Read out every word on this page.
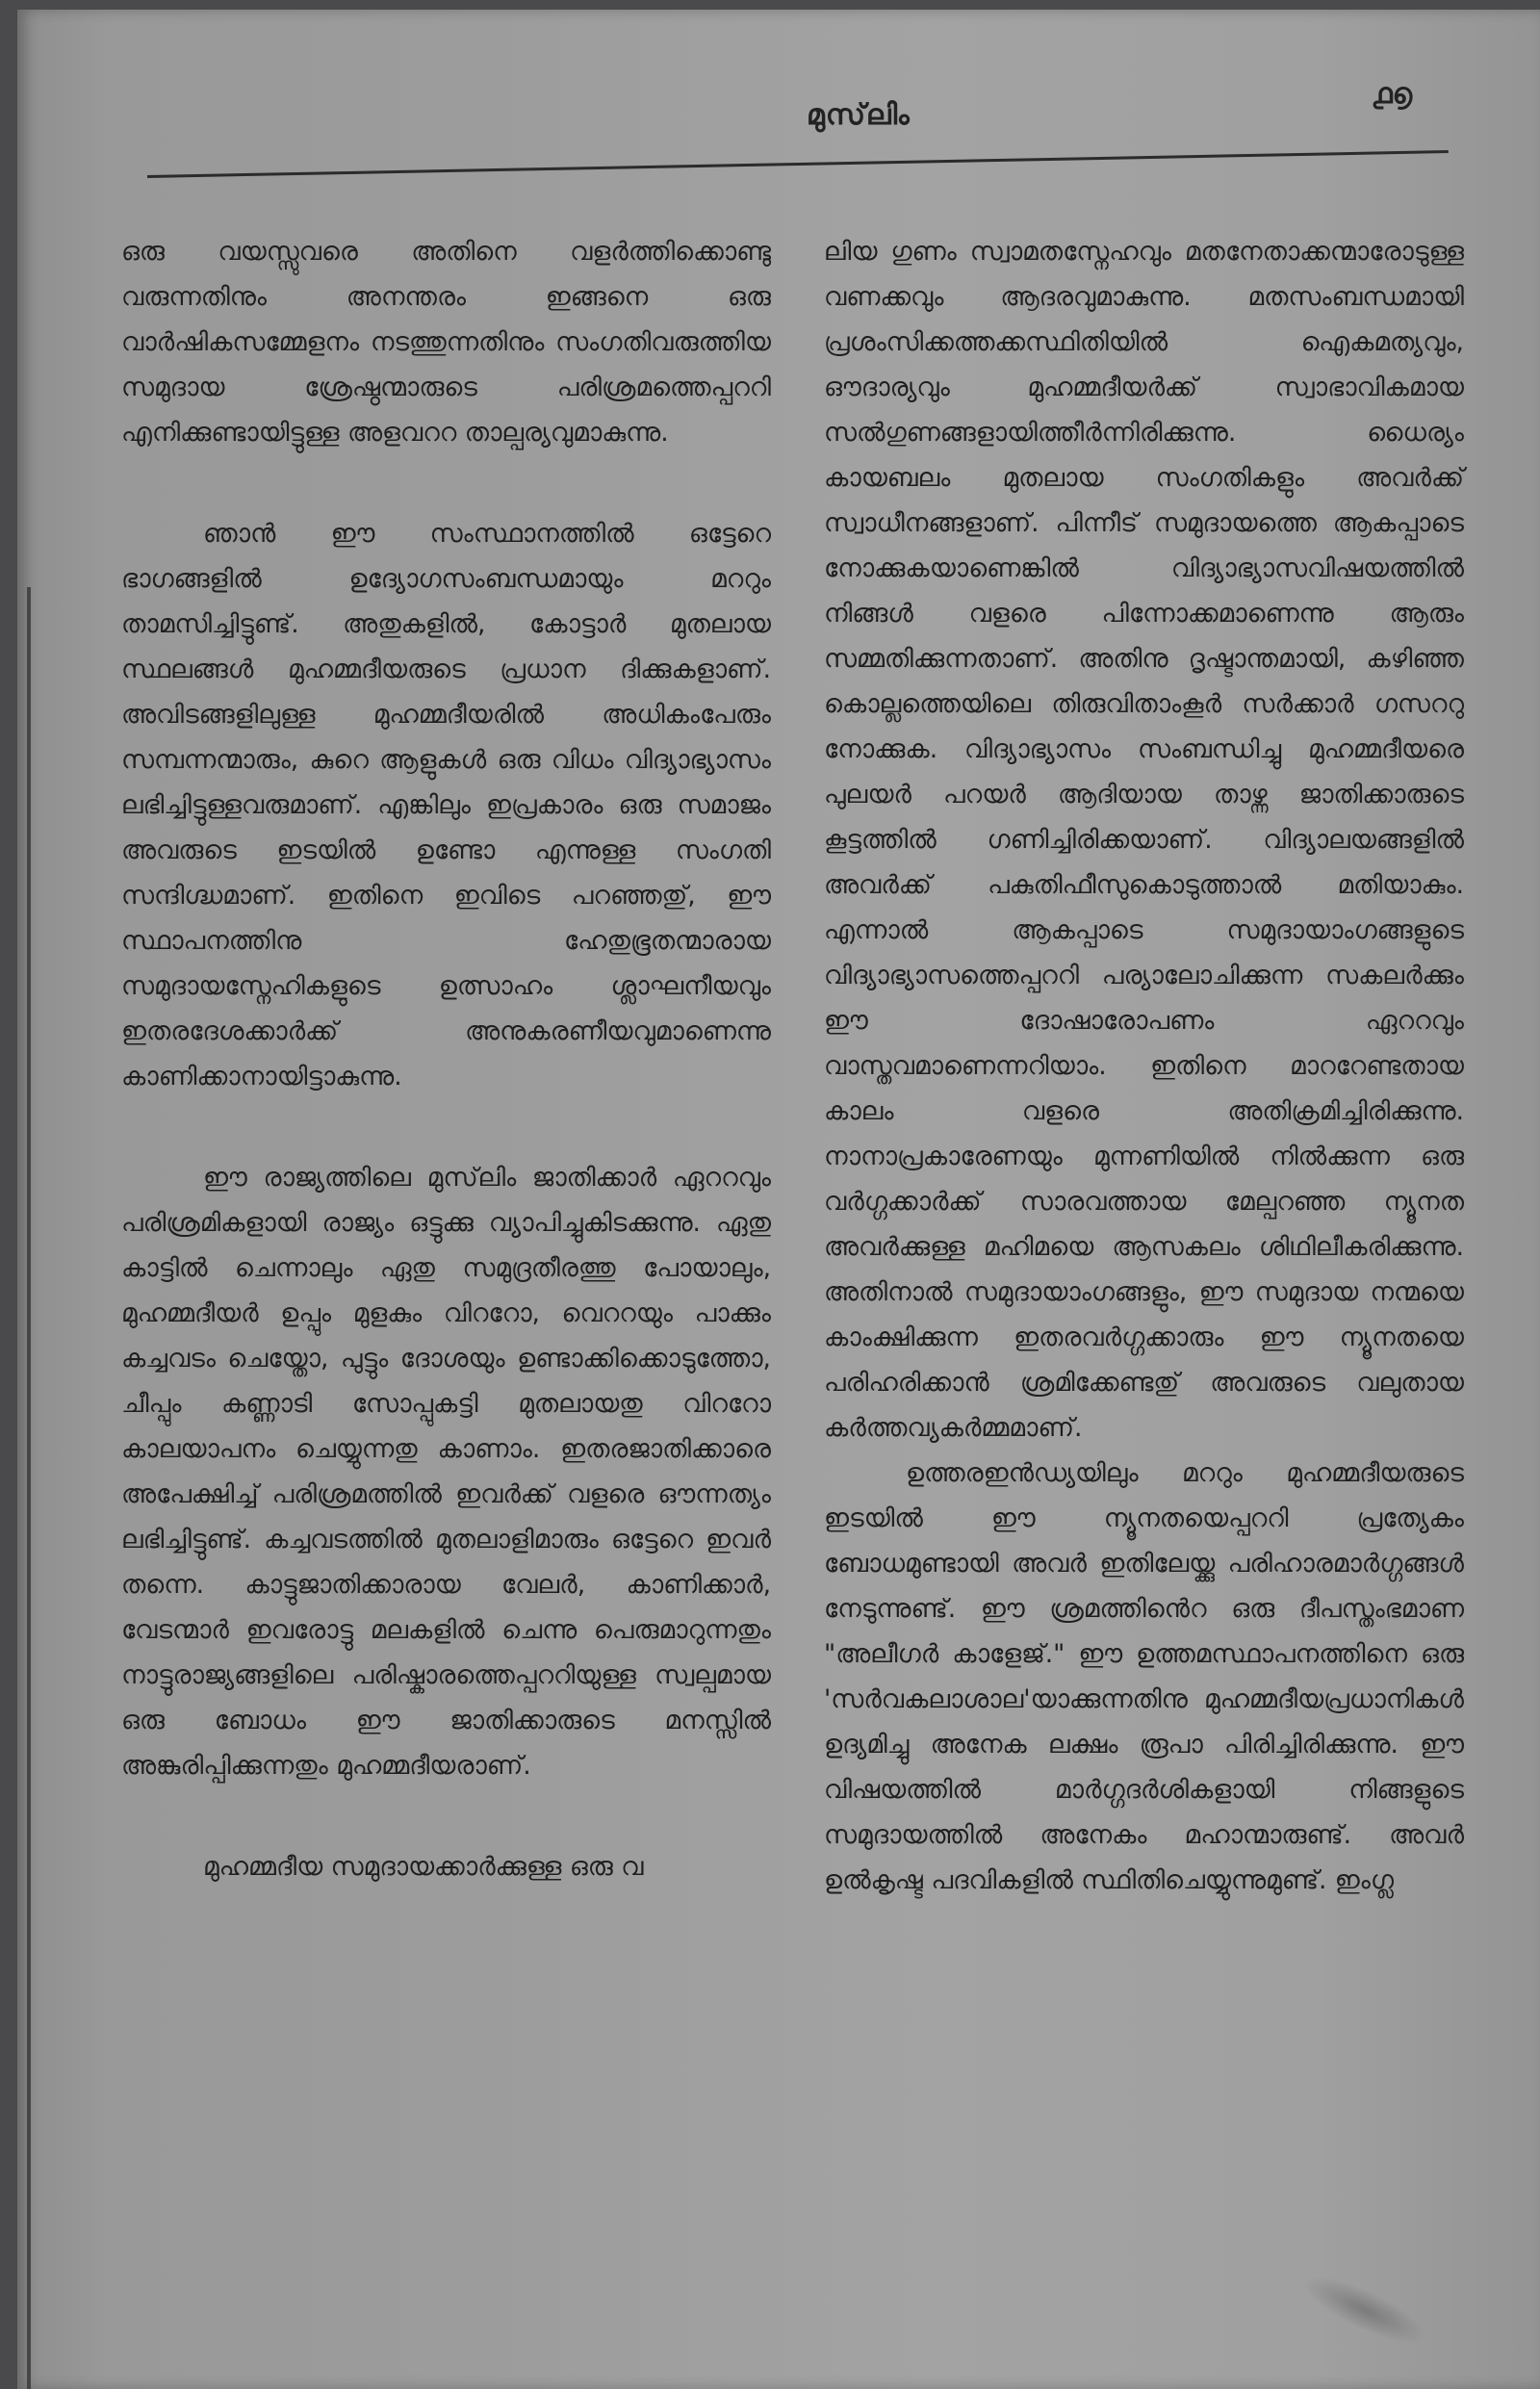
മുസ്‌ലിം
൧൭

ഒരു വയസ്സുവരെ അതിനെ വളർത്തിക്കൊണ്ടു വരുന്നതിനും അനന്തരം ഇങ്ങനെ ഒരു വാർഷികസമ്മേളനം നടത്തുന്നതിനും സംഗതിവരുത്തിയ സമുദായ ശ്രേഷ്ഠന്മാരുടെ പരിശ്രമത്തെപ്പററി എനിക്കുണ്ടായിട്ടുള്ള അളവററ താല്പര്യവുമാകുന്നു.

ഞാൻ ഈ സംസ്ഥാനത്തിൽ ഒട്ടേറെ ഭാഗങ്ങളിൽ ഉദ്യോഗസംബന്ധമായും മററും താമസിച്ചിട്ടുണ്ട്. അതുകളിൽ, കോട്ടാർ മുതലായ സ്ഥലങ്ങൾ മുഹമ്മദീയരുടെ പ്രധാന ദിക്കുകളാണ്. അവിടങ്ങളിലുള്ള മുഹമ്മദീയരിൽ അധികംപേരും സമ്പന്നന്മാരും, കുറെ ആളുകൾ ഒരു വിധം വിദ്യാഭ്യാസം ലഭിച്ചിട്ടുള്ളവരുമാണ്. എങ്കിലും ഇപ്രകാരം ഒരു സമാജം അവരുടെ ഇടയിൽ ഉണ്ടോ എന്നുള്ള സംഗതി സന്ദിഗ്ദ്ധമാണ്. ഇതിനെ ഇവിടെ പറഞ്ഞതു്, ഈ സ്ഥാപനത്തിനു ഹേതുഭൂതന്മാരായ സമുദായസ്നേഹികളുടെ ഉത്സാഹം ശ്ലാഘനീയവും ഇതരദേശക്കാർക്ക് അനുകരണീയവുമാണെന്നു കാണിക്കാനായിട്ടാകുന്നു.

ഈ രാജ്യത്തിലെ മുസ്‌ലിം ജാതിക്കാർ ഏററവും പരിശ്രമികളായി രാജ്യം ഒട്ടുക്കു വ്യാപിച്ചുകിടക്കുന്നു. ഏതു കാട്ടിൽ ചെന്നാലും ഏതു സമുദ്രതീരത്തു പോയാലും, മുഹമ്മദീയർ ഉപ്പും മുളകും വിററോ, വെററയും പാക്കും കച്ചവടം ചെയ്തോ, പുട്ടും ദോശയും ഉണ്ടാക്കിക്കൊടുത്തോ, ചീപ്പും കണ്ണാടി സോപ്പുകട്ടി മുതലായതു വിററോ കാലയാപനം ചെയ്യുന്നതു കാണാം. ഇതരജാതിക്കാരെ അപേക്ഷിച്ച് പരിശ്രമത്തിൽ ഇവർക്ക് വളരെ ഔന്നത്യം ലഭിച്ചിട്ടുണ്ട്. കച്ചവടത്തിൽ മുതലാളിമാരും ഒട്ടേറെ ഇവർ തന്നെ. കാട്ടുജാതിക്കാരായ വേലർ, കാണിക്കാർ, വേടന്മാർ ഇവരോട്ടു മലകളിൽ ചെന്നു പെരുമാറുന്നതും നാട്ടുരാജ്യങ്ങളിലെ പരിഷ്കാരത്തെപ്പററിയുള്ള സ്വല്പമായ ഒരു ബോധം ഈ ജാതിക്കാരുടെ മനസ്സിൽ അങ്കുരിപ്പിക്കുന്നതും മുഹമ്മദീയരാണ്.

മുഹമ്മദീയ സമുദായക്കാർക്കുള്ള ഒരു വ

ലിയ ഗുണം സ്വാമതസ്നേഹവും മതനേതാക്കന്മാരോടുള്ള വണക്കവും ആദരവുമാകുന്നു. മതസംബന്ധമായി പ്രശംസിക്കത്തക്കസ്ഥിതിയിൽ ഐകമത്യവും, ഔദാര്യവും മുഹമ്മദീയർക്ക് സ്വാഭാവികമായ സൽഗുണങ്ങളായിത്തീർന്നിരിക്കുന്നു. ധൈര്യം കായബലം മുതലായ സംഗതികളും അവർക്ക് സ്വാധീനങ്ങളാണ്. പിന്നീട് സമുദായത്തെ ആകപ്പാടെ നോക്കുകയാണെങ്കിൽ വിദ്യാഭ്യാസവിഷയത്തിൽ നിങ്ങൾ വളരെ പിന്നോക്കമാണെന്നു ആരും സമ്മതിക്കുന്നതാണ്. അതിനു ദൃഷ്ടാന്തമായി, കഴിഞ്ഞ കൊല്ലത്തെയിലെ തിരുവിതാംകൂർ സർക്കാർ ഗസററു നോക്കുക. വിദ്യാഭ്യാസം സംബന്ധിച്ചു മുഹമ്മദീയരെ പുലയർ പറയർ ആദിയായ താഴ്ന്ന ജാതിക്കാരുടെ കൂട്ടത്തിൽ ഗണിച്ചിരിക്കയാണ്. വിദ്യാലയങ്ങളിൽ അവർക്ക് പകുതിഫീസുകൊടുത്താൽ മതിയാകും. എന്നാൽ ആകപ്പാടെ സമുദായാംഗങ്ങളുടെ വിദ്യാഭ്യാസത്തെപ്പററി പര്യാലോചിക്കുന്ന സകലർക്കും ഈ ദോഷാരോപണം ഏററവും വാസ്തവമാണെന്നറിയാം. ഇതിനെ മാററേണ്ടതായ കാലം വളരെ അതിക്രമിച്ചിരിക്കുന്നു. നാനാപ്രകാരേണയും മുന്നണിയിൽ നിൽക്കുന്ന ഒരു വർഗ്ഗക്കാർക്ക് സാരവത്തായ മേല്പറഞ്ഞ ന്യൂനത അവർക്കുള്ള മഹിമയെ ആസകലം ശിഥിലീകരിക്കുന്നു. അതിനാൽ സമുദായാംഗങ്ങളും, ഈ സമുദായ നന്മയെ കാംക്ഷിക്കുന്ന ഇതരവർഗ്ഗക്കാരും ഈ ന്യൂനതയെ പരിഹരിക്കാൻ ശ്രമിക്കേണ്ടതു് അവരുടെ വലുതായ കർത്തവ്യകർമ്മമാണ്.

ഉത്തരഇൻഡ്യയിലും മററും മുഹമ്മദീയരുടെ ഇടയിൽ ഈ ന്യൂനതയെപ്പററി പ്രത്യേകം ബോധമുണ്ടായി അവർ ഇതിലേയ്ക്കു പരിഹാരമാർഗ്ഗങ്ങൾ നേടുന്നുണ്ട്. ഈ ശ്രമത്തിൻെറ ഒരു ദീപസ്തംഭമാണ "അലീഗർ കാളേജ്." ഈ ഉത്തമസ്ഥാപനത്തിനെ ഒരു 'സർവകലാശാല'യാക്കുന്നതിനു മുഹമ്മദീയപ്രധാനികൾ ഉദ്യമിച്ചു അനേക ലക്ഷം രൂപാ പിരിച്ചിരിക്കുന്നു. ഈ വിഷയത്തിൽ മാർഗ്ഗദർശികളായി നിങ്ങളുടെ സമുദായത്തിൽ അനേകം മഹാന്മാരുണ്ട്. അവർ ഉൽകൃഷ്ട പദവികളിൽ സ്ഥിതിചെയ്യുന്നുമുണ്ട്. ഇംഗ്ല
